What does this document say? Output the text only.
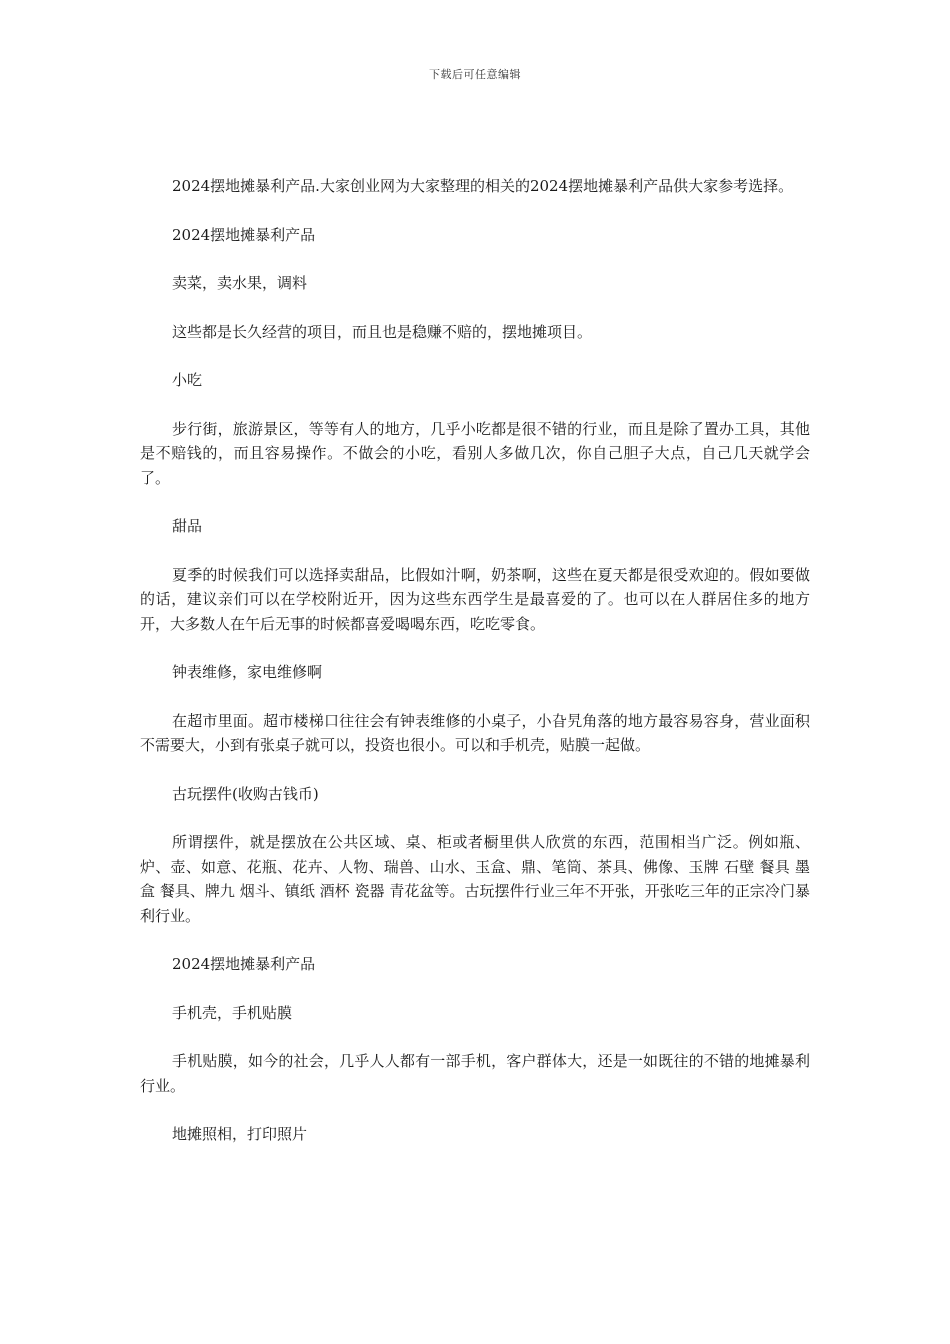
下载后可任意编辑

2024摆地摊暴利产品.大家创业网为大家整理的相关的2024摆地摊暴利产品供大家参考选择。

2024摆地摊暴利产品

卖菜，卖水果，调料

这些都是长久经营的项目，而且也是稳赚不赔的，摆地摊项目。

小吃

步行街，旅游景区，等等有人的地方，几乎小吃都是很不错的行业，而且是除了置办工具，其他是不赔钱的，而且容易操作。不做会的小吃，看别人多做几次，你自己胆子大点，自己几天就学会了。

甜品

夏季的时候我们可以选择卖甜品，比假如汁啊，奶茶啊，这些在夏天都是很受欢迎的。假如要做的话，建议亲们可以在学校附近开，因为这些东西学生是最喜爱的了。也可以在人群居住多的地方开，大多数人在午后无事的时候都喜爱喝喝东西，吃吃零食。

钟表维修，家电维修啊

在超市里面。超市楼梯口往往会有钟表维修的小桌子，小旮旯角落的地方最容易容身，营业面积不需要大，小到有张桌子就可以，投资也很小。可以和手机壳，贴膜一起做。

古玩摆件(收购古钱币)

所谓摆件，就是摆放在公共区域、桌、柜或者橱里供人欣赏的东西，范围相当广泛。例如瓶、炉、壶、如意、花瓶、花卉、人物、瑞兽、山水、玉盒、鼎、笔筒、茶具、佛像、玉牌 石壁 餐具 墨盒 餐具、牌九 烟斗、镇纸 酒杯 瓷器 青花盆等。古玩摆件行业三年不开张，开张吃三年的正宗冷门暴利行业。

2024摆地摊暴利产品

手机壳，手机贴膜

手机贴膜，如今的社会，几乎人人都有一部手机，客户群体大，还是一如既往的不错的地摊暴利行业。

地摊照相，打印照片
